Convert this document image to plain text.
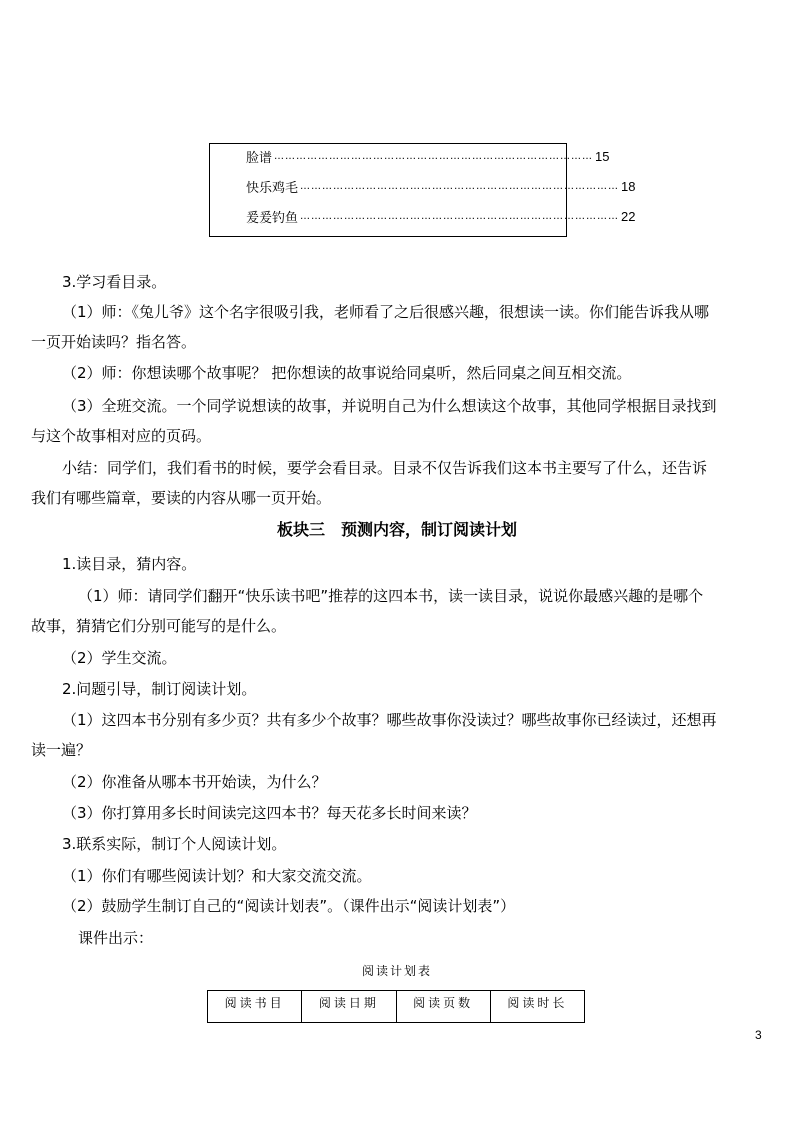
脸谱 …………………………………………………………………………… 15
快乐鸡毛 …………………………………………………………………………… 18
爰爰钓鱼 …………………………………………………………………………… 22
3.学习看目录。
（1）师：《兔儿爷》这个名字很吸引我，老师看了之后很感兴趣，很想读一读。你们能告诉我从哪
一页开始读吗？指名答。
（2）师：你想读哪个故事呢？ 把你想读的故事说给同桌听，然后同桌之间互相交流。
（3）全班交流。一个同学说想读的故事，并说明自己为什么想读这个故事，其他同学根据目录找到
与这个故事相对应的页码。
小结：同学们，我们看书的时候，要学会看目录。目录不仅告诉我们这本书主要写了什么，还告诉
我们有哪些篇章，要读的内容从哪一页开始。
板块三　预测内容，制订阅读计划
1.读目录，猜内容。
（1）师：请同学们翻开“快乐读书吧”推荐的这四本书，读一读目录，说说你最感兴趣的是哪个
故事，猜猜它们分别可能写的是什么。
（2）学生交流。
2.问题引导，制订阅读计划。
（1）这四本书分别有多少页？共有多少个故事？哪些故事你没读过？哪些故事你已经读过，还想再
读一遍？
（2）你准备从哪本书开始读，为什么？
（3）你打算用多长时间读完这四本书？每天花多长时间来读？
3.联系实际，制订个人阅读计划。
（1）你们有哪些阅读计划？和大家交流交流。
（2）鼓励学生制订自己的“阅读计划表”。（课件出示“阅读计划表”）
课件出示：
阅读计划表
阅读书目	阅读日期	阅读页数	阅读时长
3
